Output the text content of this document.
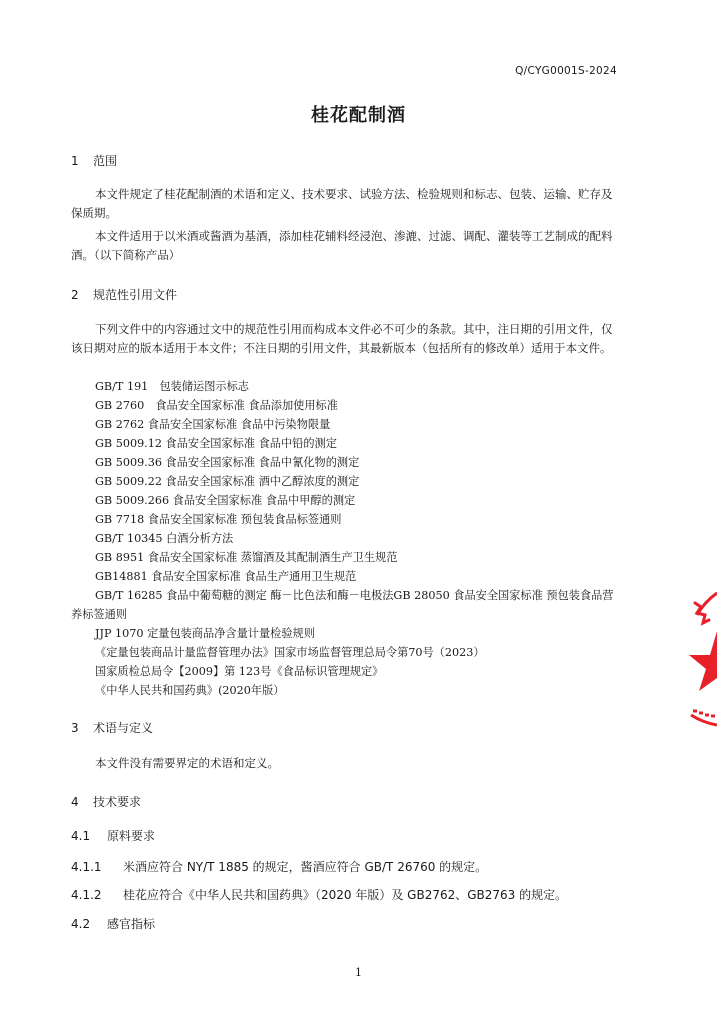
Q/CYG0001S-2024
桂花配制酒
1 范围
本文件规定了桂花配制酒的术语和定义、技术要求、试验方法、检验规则和标志、包装、运输、贮存及保质期。
本文件适用于以米酒或酱酒为基酒，添加桂花辅料经浸泡、渗漉、过滤、调配、灌装等工艺制成的配料酒。（以下简称产品）
2 规范性引用文件
下列文件中的内容通过文中的规范性引用而构成本文件必不可少的条款。其中，注日期的引用文件，仅该日期对应的版本适用于本文件；不注日期的引用文件，其最新版本（包括所有的修改单）适用于本文件。
GB/T 191　包装储运图示标志
GB 2760　食品安全国家标准 食品添加使用标准
GB 2762 食品安全国家标准 食品中污染物限量
GB 5009.12 食品安全国家标准 食品中铅的测定
GB 5009.36 食品安全国家标准 食品中氰化物的测定
GB 5009.22 食品安全国家标准 酒中乙醇浓度的测定
GB 5009.266 食品安全国家标准 食品中甲醇的测定
GB 7718 食品安全国家标准 预包装食品标签通则
GB/T 10345 白酒分析方法
GB 8951 食品安全国家标准 蒸馏酒及其配制酒生产卫生规范
GB14881 食品安全国家标准 食品生产通用卫生规范
GB/T 16285 食品中葡萄糖的测定 酶－比色法和酶－电极法GB 28050 食品安全国家标准 预包装食品营养标签通则
JJP 1070 定量包装商品净含量计量检验规则
《定量包装商品计量监督管理办法》国家市场监督管理总局令第70号（2023）
国家质检总局令【2009】第 123号《食品标识管理规定》
《中华人民共和国药典》(2020年版）
3 术语与定义
本文件没有需要界定的术语和定义。
4 技术要求
4.1 原料要求
4.1.1 米酒应符合 NY/T 1885 的规定，酱酒应符合 GB/T 26760 的规定。
4.1.2 桂花应符合《中华人民共和国药典》（2020 年版）及 GB2762、GB2763 的规定。
4.2 感官指标
1
